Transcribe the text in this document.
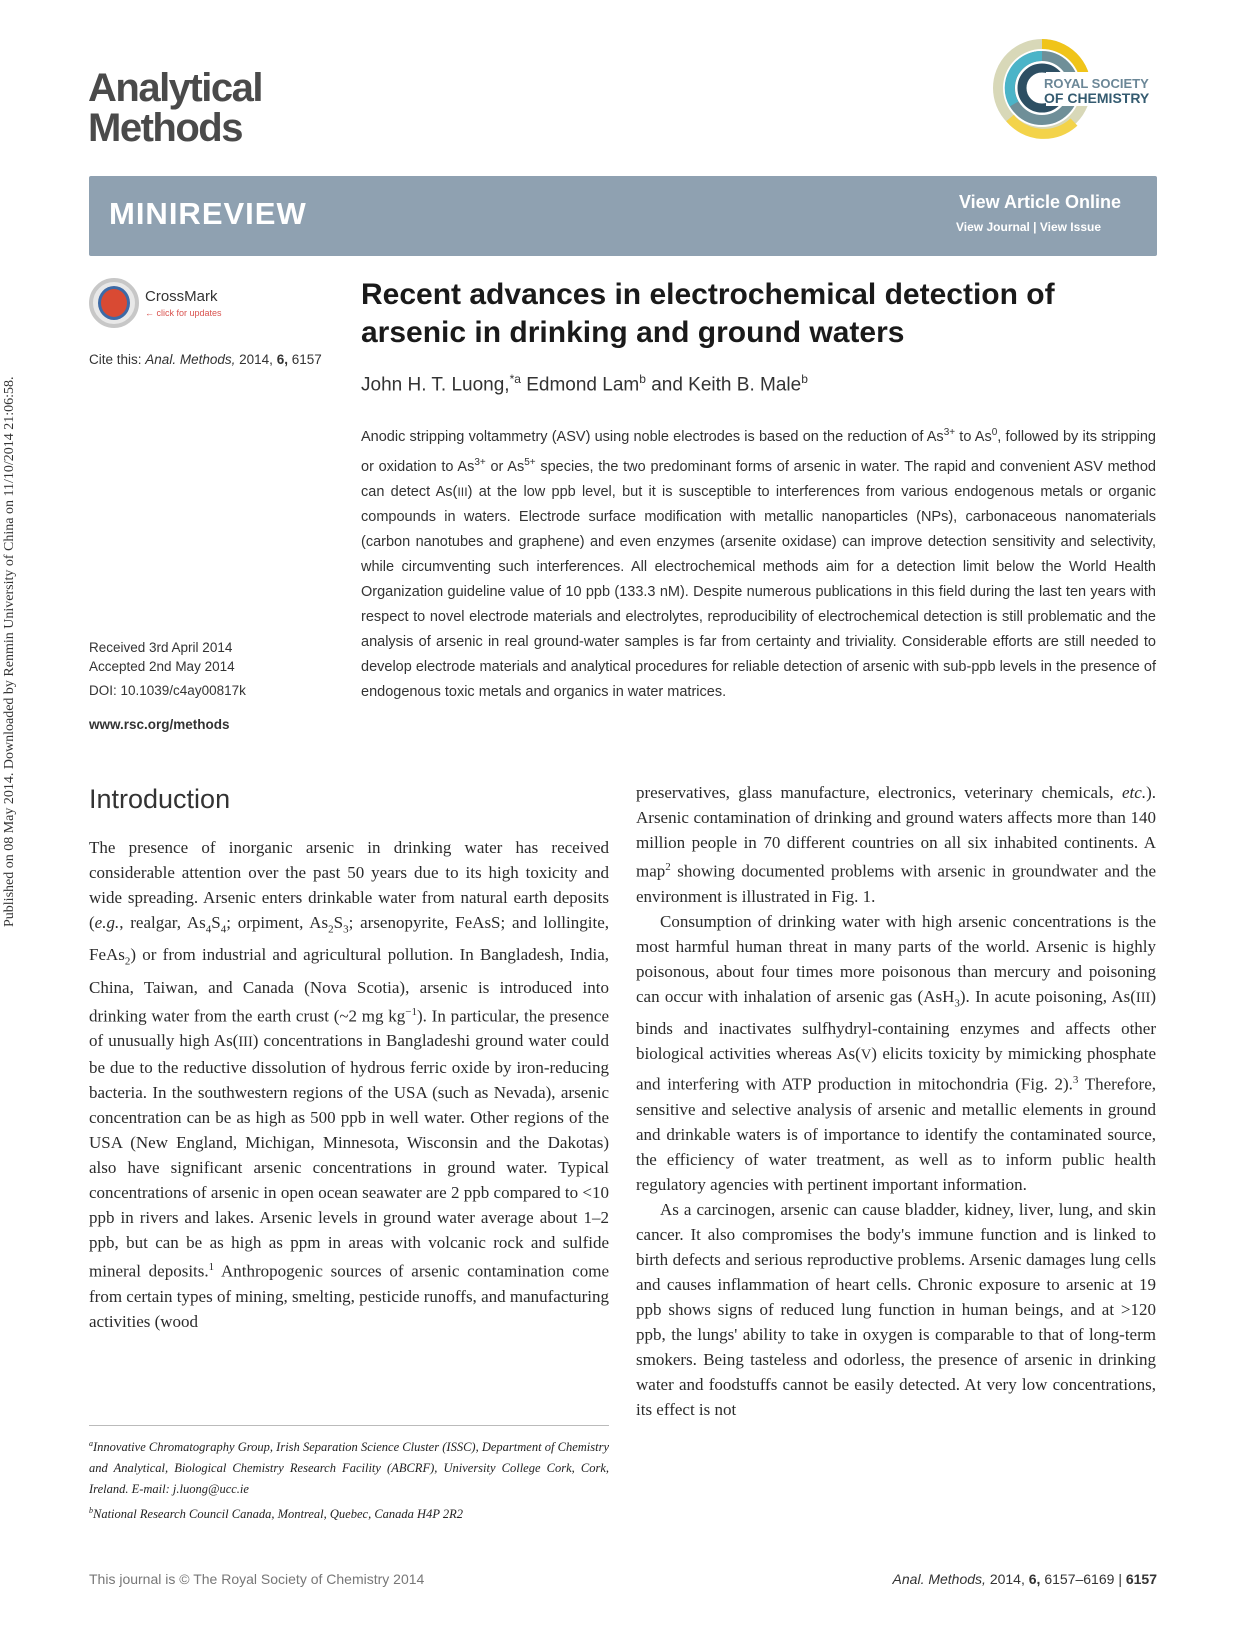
Published on 08 May 2014. Downloaded by Renmin University of China on 11/10/2014 21:06:58.
Analytical
Methods
ROYAL SOCIETY
OF CHEMISTRY
MINIREVIEW	View Article Online
View Journal | View Issue
CrossMark
← click for updates
Cite this: Anal. Methods, 2014, 6, 6157
Received 3rd April 2014
Accepted 2nd May 2014
DOI: 10.1039/c4ay00817k
www.rsc.org/methods
Recent advances in electrochemical detection of arsenic in drinking and ground waters
John H. T. Luong,$^{*a}$ Edmond Lam$^b$ and Keith B. Male$^b$
Anodic stripping voltammetry (ASV) using noble electrodes is based on the reduction of $As^{3+}$ to As$^0$, followed by its stripping or oxidation to $As^{3+}$ or $As^{5+}$ species, the two predominant forms of arsenic in water. The rapid and convenient ASV method can detect As(III) at the low ppb level, but it is susceptible to interferences from various endogenous metals or organic compounds in waters. Electrode surface modification with metallic nanoparticles (NPs), carbonaceous nanomaterials (carbon nanotubes and graphene) and even enzymes (arsenite oxidase) can improve detection sensitivity and selectivity, while circumventing such interferences. All electrochemical methods aim for a detection limit below the World Health Organization guideline value of 10 ppb (133.3 nM). Despite numerous publications in this field during the last ten years with respect to novel electrode materials and electrolytes, reproducibility of electrochemical detection is still problematic and the analysis of arsenic in real ground-water samples is far from certainty and triviality. Considerable efforts are still needed to develop electrode materials and analytical procedures for reliable detection of arsenic with sub-ppb levels in the presence of endogenous toxic metals and organics in water matrices.
Introduction

The presence of inorganic arsenic in drinking water has received considerable attention over the past 50 years due to its high toxicity and wide spreading. Arsenic enters drinkable water from natural earth deposits (e.g., realgar, $As_4S_4$; orpiment, $As_2S_3$; arsenopyrite, FeAsS; and lollingite, FeAs$_2$) or from industrial and agricultural pollution. In Bangladesh, India, China, Taiwan, and Canada (Nova Scotia), arsenic is introduced into drinking water from the earth crust (~2 mg $kg^{-1}$). In particular, the presence of unusually high As(III) concentrations in Bangladeshi ground water could be due to the reductive dissolution of hydrous ferric oxide by iron-reducing bacteria. In the southwestern regions of the USA (such as Nevada), arsenic concentration can be as high as 500 ppb in well water. Other regions of the USA (New England, Michigan, Minnesota, Wisconsin and the Dakotas) also have significant arsenic concentrations in ground water. Typical concentrations of arsenic in open ocean seawater are 2 ppb compared to <10 ppb in rivers and lakes. Arsenic levels in ground water average about 1–2 ppb, but can be as high as ppm in areas with volcanic rock and sulfide mineral deposits.$^1$ Anthropogenic sources of arsenic contamination come from certain types of mining, smelting, pesticide runoffs, and manufacturing activities (wood

$^a$Innovative Chromatography Group, Irish Separation Science Cluster (ISSC), Department of Chemistry and Analytical, Biological Chemistry Research Facility (ABCRF), University College Cork, Cork, Ireland. E-mail: j.luong@ucc.ie
$^b$National Research Council Canada, Montreal, Quebec, Canada H4P 2R2

preservatives, glass manufacture, electronics, veterinary chemicals, etc.). Arsenic contamination of drinking and ground waters affects more than 140 million people in 70 different countries on all six inhabited continents. A map$^2$ showing documented problems with arsenic in groundwater and the environment is illustrated in Fig. 1.

Consumption of drinking water with high arsenic concentrations is the most harmful human threat in many parts of the world. Arsenic is highly poisonous, about four times more poisonous than mercury and poisoning can occur with inhalation of arsenic gas (AsH$_3$). In acute poisoning, As(III) binds and inactivates sulfhydryl-containing enzymes and affects other biological activities whereas As(V) elicits toxicity by mimicking phosphate and interfering with ATP production in mitochondria (Fig. 2).$^3$ Therefore, sensitive and selective analysis of arsenic and metallic elements in ground and drinkable waters is of importance to identify the contaminated source, the efficiency of water treatment, as well as to inform public health regulatory agencies with pertinent important information.

As a carcinogen, arsenic can cause bladder, kidney, liver, lung, and skin cancer. It also compromises the body's immune function and is linked to birth defects and serious reproductive problems. Arsenic damages lung cells and causes inflammation of heart cells. Chronic exposure to arsenic at 19 ppb shows signs of reduced lung function in human beings, and at >120 ppb, the lungs' ability to take in oxygen is comparable to that of long-term smokers. Being tasteless and odorless, the presence of arsenic in drinking water and foodstuffs cannot be easily detected. At very low concentrations, its effect is not

This journal is © The Royal Society of Chemistry 2014	Anal. Methods, 2014, 6, 6157–6169 | 6157
